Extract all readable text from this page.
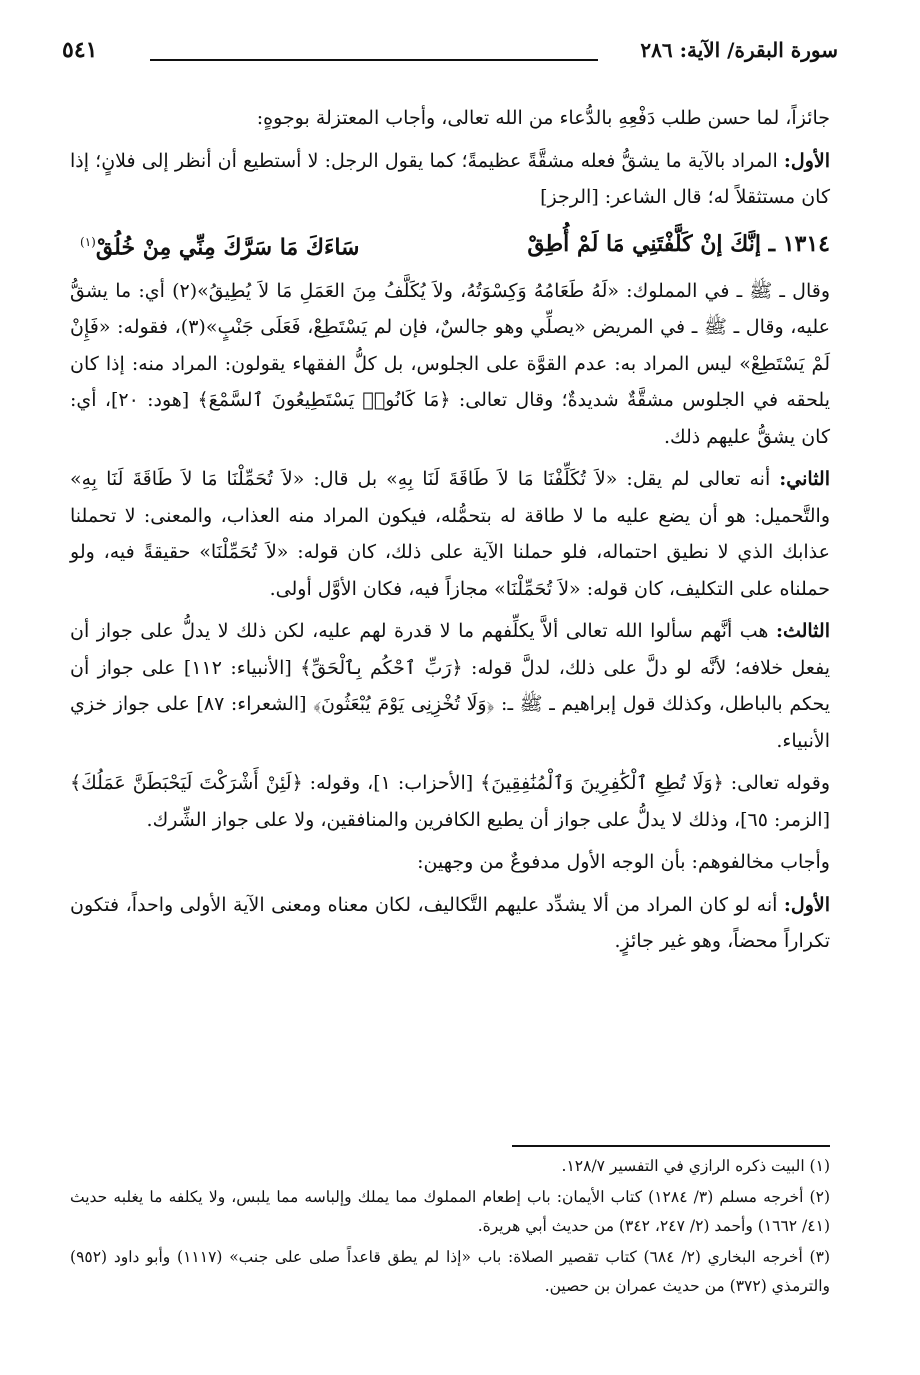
سورة البقرة/ الآية: ٢٨٦
٥٤١

جائزاً، لما حسن طلب دَفْعِهِ بالدُّعاء من الله تعالى، وأجاب المعتزلة بوجوهٍ:

الأول: المراد بالآية ما يشقُّ فعله مشقَّةً عظيمةً؛ كما يقول الرجل: لا أستطيع أن أنظر إلى فلانٍ؛ إذا كان مستثقلاً له؛ قال الشاعر: [الرجز]

١٣١٤ ـ إنَّكَ إنْ كَلَّفْتَنِي مَا لَمْ أُطِقْ
سَاءَكَ مَا سَرَّكَ مِنِّي مِنْ خُلُقْ$^{(١)}$

وقال ـ ﷺ ـ في المملوك: «لَهُ طَعَامُهُ وَكِسْوَتُهُ، ولاَ يُكَلَّفُ مِنَ العَمَلِ مَا لاَ يُطِيقُ»(٢) أي: ما يشقُّ عليه، وقال ـ ﷺ ـ في المريض «يصلِّي وهو جالسٌ، فإن لم يَسْتَطِعْ، فَعَلَى جَنْبٍ»(٣)، فقوله: «فَإِنْ لَمْ يَسْتَطِعْ» ليس المراد به: عدم القوَّة على الجلوس، بل كلُّ الفقهاء يقولون: المراد منه: إذا كان يلحقه في الجلوس مشقَّةٌ شديدةٌ؛ وقال تعالى: ﴿مَا كَانُوا۟ يَسْتَطِيعُونَ ٱلسَّمْعَ﴾ [هود: ٢٠]، أي: كان يشقُّ عليهم ذلك.

الثاني: أنه تعالى لم يقل: «لاَ تُكَلِّفْنَا مَا لاَ طَاقَةَ لَنَا بِهِ» بل قال: «لاَ تُحَمِّلْنَا مَا لاَ طَاقَةَ لَنَا بِهِ» والتَّحميل: هو أن يضع عليه ما لا طاقة له بتحمُّله، فيكون المراد منه العذاب، والمعنى: لا تحملنا عذابك الذي لا نطيق احتماله، فلو حملنا الآية على ذلك، كان قوله: «لاَ تُحَمِّلْنَا» حقيقةً فيه، ولو حملناه على التكليف، كان قوله: «لاَ تُحَمِّلْنَا» مجازاً فيه، فكان الأوَّل أولى.

الثالث: هب أنَّهم سألوا الله تعالى ألاَّ يكلِّفهم ما لا قدرة لهم عليه، لكن ذلك لا يدلُّ على جواز أن يفعل خلافه؛ لأنَّه لو دلَّ على ذلك، لدلَّ قوله: ﴿رَبِّ ٱحْكُم بِٱلْحَقِّ﴾ [الأنبياء: ١١٢] على جواز أن يحكم بالباطل، وكذلك قول إبراهيم ـ ﷺ ـ: ﴿وَلَا تُخْزِنِى يَوْمَ يُبْعَثُونَ﴾ [الشعراء: ٨٧] على جواز خزي الأنبياء.

وقوله تعالى: ﴿وَلَا تُطِعِ ٱلْكَٰفِرِينَ وَٱلْمُنَٰفِقِينَ﴾ [الأحزاب: ١]، وقوله: ﴿لَئِنْ أَشْرَكْتَ لَيَحْبَطَنَّ عَمَلُكَ﴾ [الزمر: ٦٥]، وذلك لا يدلُّ على جواز أن يطيع الكافرين والمنافقين، ولا على جواز الشِّرك.

وأجاب مخالفوهم: بأن الوجه الأول مدفوعٌ من وجهين:

الأول: أنه لو كان المراد من ألا يشدِّد عليهم التَّكاليف، لكان معناه ومعنى الآية الأولى واحداً، فتكون تكراراً محضاً، وهو غير جائزٍ.

(١) البيت ذكره الرازي في التفسير ١٢٨/٧.

(٢) أخرجه مسلم (٣/ ١٢٨٤) كتاب الأيمان: باب إطعام المملوك مما يملك وإلباسه مما يلبس، ولا يكلفه ما يغلبه حديث (٤١/ ١٦٦٢) وأحمد (٢/ ٢٤٧، ٣٤٢) من حديث أبي هريرة.

(٣) أخرجه البخاري (٢/ ٦٨٤) كتاب تقصير الصلاة: باب «إذا لم يطق قاعداً صلى على جنب» (١١١٧) وأبو داود (٩٥٢) والترمذي (٣٧٢) من حديث عمران بن حصين.
